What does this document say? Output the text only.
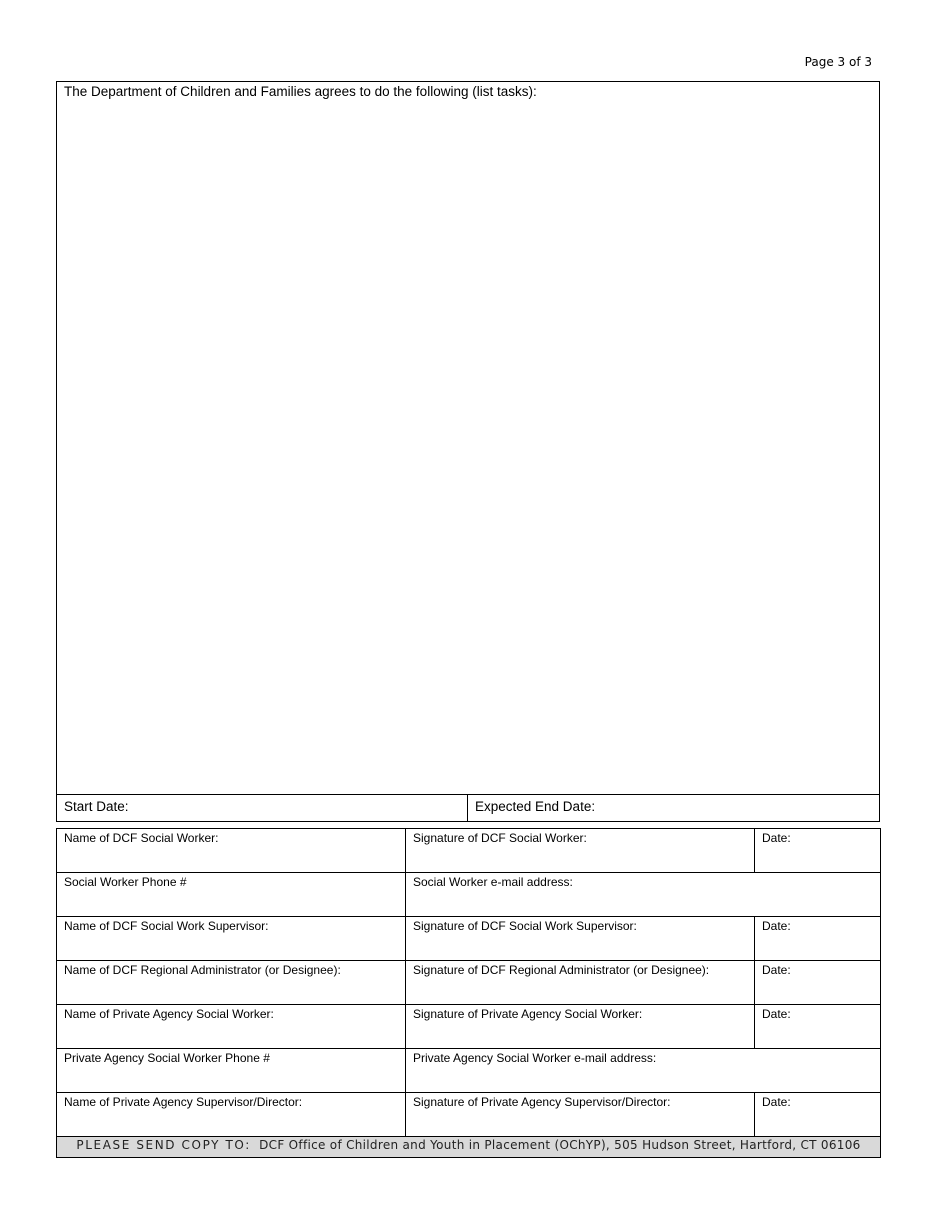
Page 3 of 3
The Department of Children and Families agrees to do the following (list tasks):
Start Date:	Expected End Date:
Name of DCF Social Worker:	Signature of DCF Social Worker:	Date:
Social Worker Phone #	Social Worker e-mail address:	
Name of DCF Social Work Supervisor:	Signature of DCF Social Work Supervisor:	Date:
Name of DCF Regional Administrator (or Designee):	Signature of DCF Regional Administrator (or Designee):	Date:
Name of Private Agency Social Worker:	Signature of Private Agency Social Worker:	Date:
Private Agency Social Worker Phone #	Private Agency Social Worker e-mail address:	
Name of Private Agency Supervisor/Director:	Signature of Private Agency Supervisor/Director:	Date:
PLEASE SEND COPY TO: DCF Office of Children and Youth in Placement (OChYP), 505 Hudson Street, Hartford, CT 06106		
